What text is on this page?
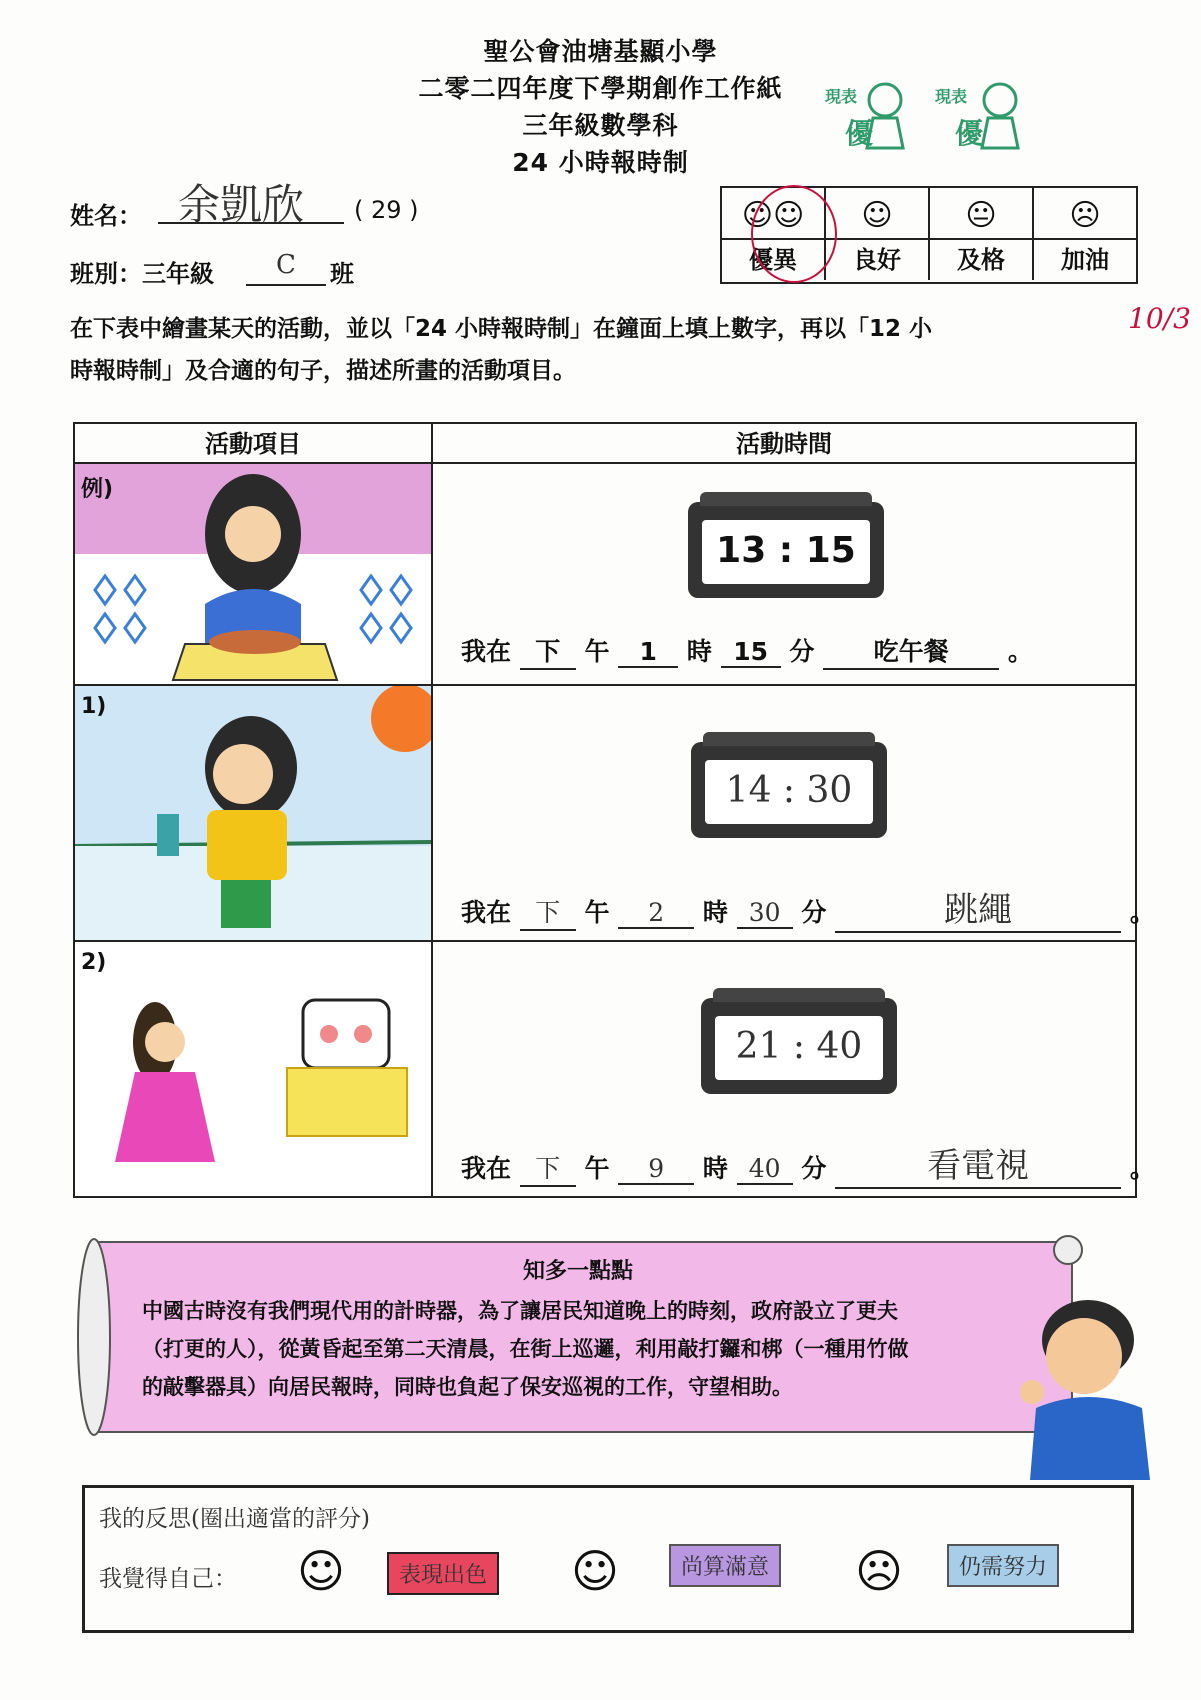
聖公會油塘基顯小學
二零二四年度下學期創作工作紙
三年級數學科
24 小時報時制
現表
優
現表
優
姓名： 余凱欣 ( 29 )
班別：三年級	C	班
☺☺
優異
☺
良好
😐
及格
☹
加油
在下表中繪畫某天的活動，並以「24 小時報時制」在鐘面上填上數字，再以「12 小
時報時制」及合適的句子，描述所畫的活動項目。
10/3
活動項目	活動時間

例)	13 : 15
我在 下 午 1 時 15 分 吃午餐 。

1)	14 : 30
我在 下 午 2 時 30 分 跳繩 。

2)	21 : 40
我在 下 午 9 時 40 分 看電視 。
知多一點點
中國古時沒有我們現代用的計時器，為了讓居民知道晚上的時刻，政府設立了更夫
（打更的人），從黃昏起至第二天清晨，在街上巡邏，利用敲打鑼和梆（一種用竹做
的敲擊器具）向居民報時，同時也負起了保安巡視的工作，守望相助。
我的反思(圈出適當的評分)
我覺得自己： ☺	表現出色 ☺	尚算滿意 ☹	仍需努力
